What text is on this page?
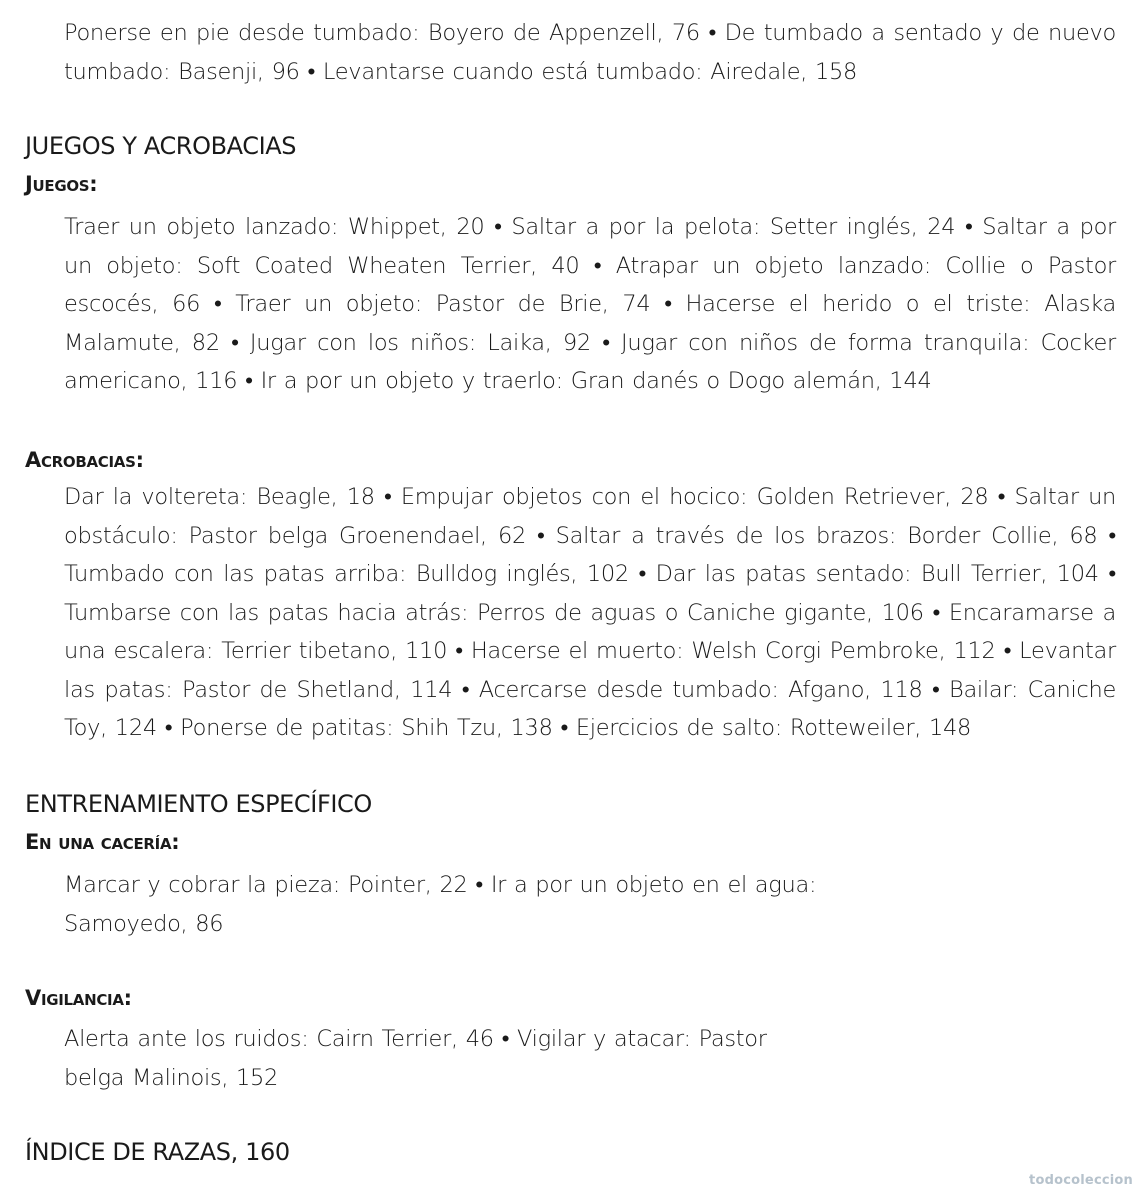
Ponerse en pie desde tumbado: Boyero de Appenzell, 76 • De tumbado a sentado y de nuevo tumbado: Basenji, 96 • Levantarse cuando está tumbado: Airedale, 158

JUEGOS Y ACROBACIAS
Juegos:

Traer un objeto lanzado: Whippet, 20 • Saltar a por la pelota: Setter inglés, 24 • Saltar a por un objeto: Soft Coated Wheaten Terrier, 40 • Atrapar un objeto lanzado: Collie o Pastor escocés, 66 • Traer un objeto: Pastor de Brie, 74 • Hacerse el herido o el triste: Alaska Malamute, 82 • Jugar con los niños: Laika, 92 • Jugar con niños de forma tranquila: Cocker americano, 116 • Ir a por un objeto y traerlo: Gran danés o Dogo alemán, 144

Acrobacias:

Dar la voltereta: Beagle, 18 • Empujar objetos con el hocico: Golden Retriever, 28 • Saltar un obstáculo: Pastor belga Groenendael, 62 • Saltar a través de los brazos: Border Collie, 68 • Tumbado con las patas arriba: Bulldog inglés, 102 • Dar las patas sentado: Bull Terrier, 104 • Tumbarse con las patas hacia atrás: Perros de aguas o Caniche gigante, 106 • Encaramarse a una escalera: Terrier tibetano, 110 • Hacerse el muerto: Welsh Corgi Pembroke, 112 • Levantar las patas: Pastor de Shetland, 114 • Acercarse desde tumbado: Afgano, 118 • Bailar: Caniche Toy, 124 • Ponerse de patitas: Shih Tzu, 138 • Ejercicios de salto: Rotteweiler, 148

ENTRENAMIENTO ESPECÍFICO
En una cacería:

Marcar y cobrar la pieza: Pointer, 22 • Ir a por un objeto en el agua:
Samoyedo, 86

Vigilancia:

Alerta ante los ruidos: Cairn Terrier, 46 • Vigilar y atacar: Pastor
belga Malinois, 152

ÍNDICE DE RAZAS, 160
todocoleccion
